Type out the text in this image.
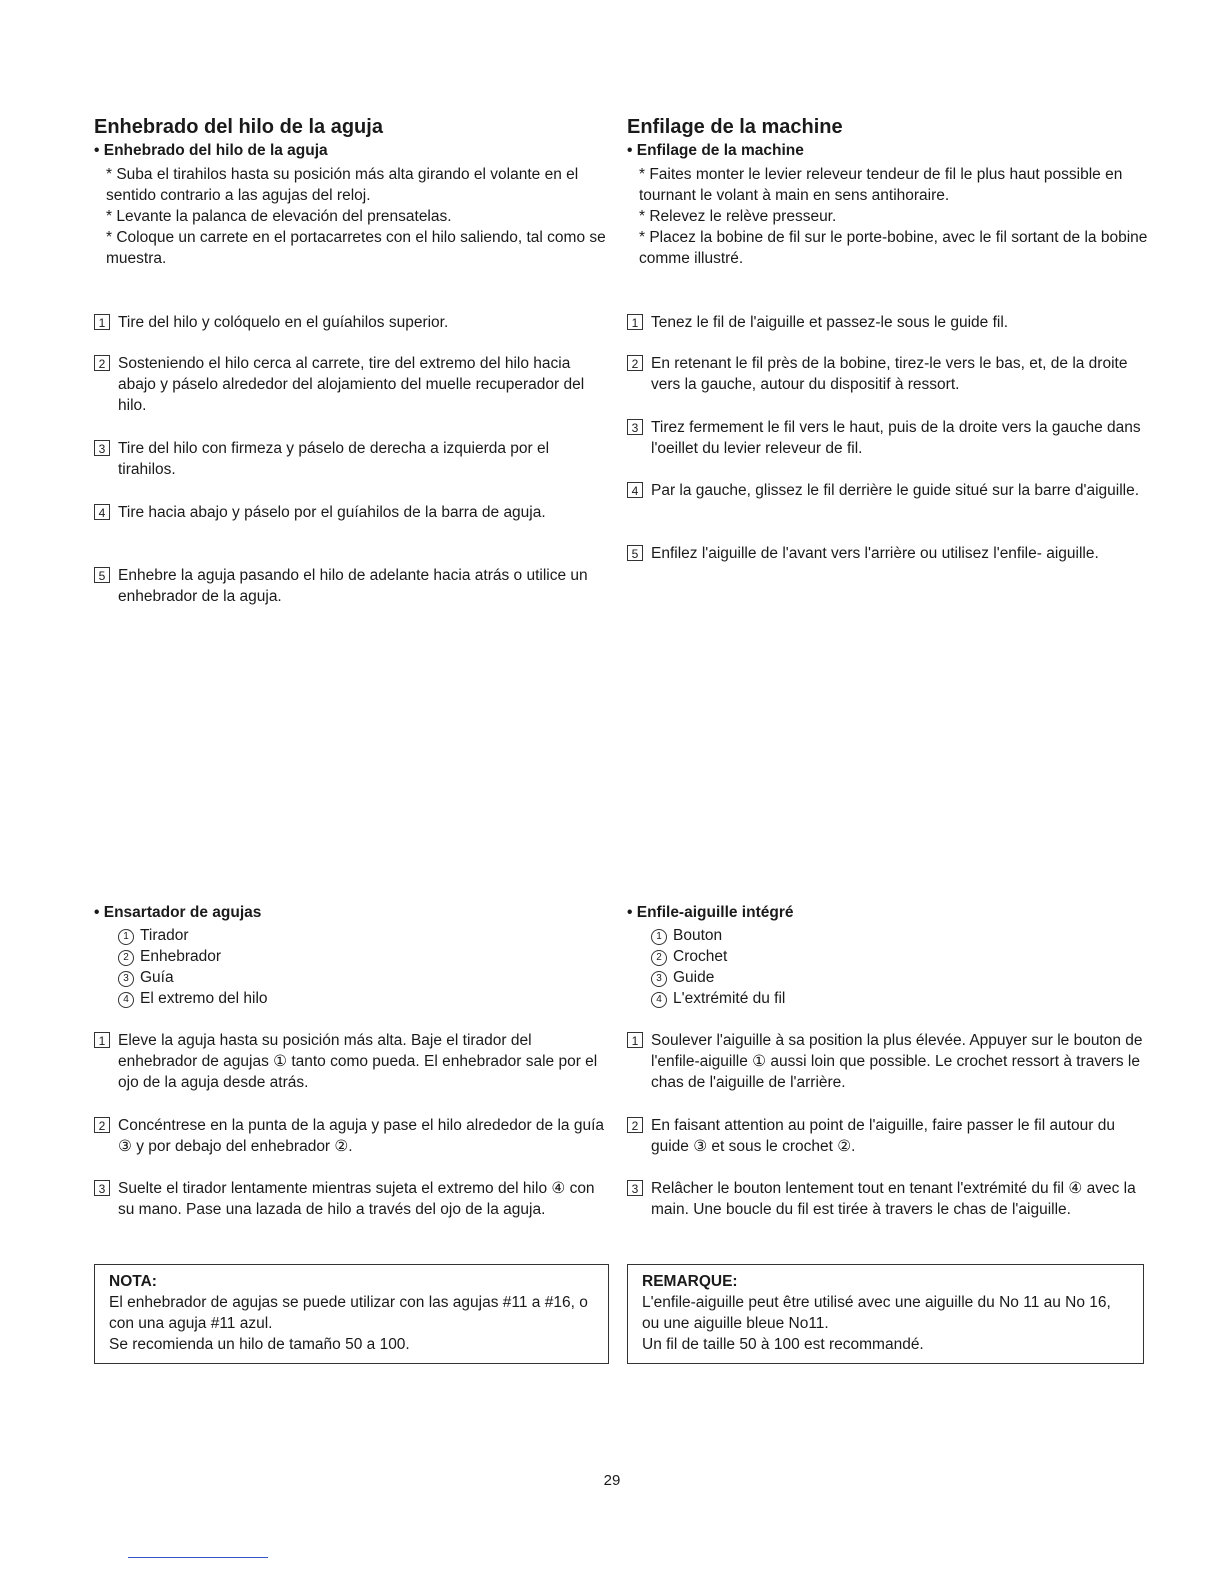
Enhebrado del hilo de la aguja
• Enhebrado del hilo de la aguja
* Suba el tirahilos hasta su posición más alta girando el volante en el sentido contrario a las agujas del reloj.
* Levante la palanca de elevación del prensatelas.
* Coloque un carrete en el portacarretes con el hilo saliendo, tal como se muestra.
1 Tire del hilo y colóquelo en el guíahilos superior.
2 Sosteniendo el hilo cerca al carrete, tire del extremo del hilo hacia abajo y páselo alrededor del alojamiento del muelle recuperador del hilo.
3 Tire del hilo con firmeza y páselo de derecha a izquierda por el tirahilos.
4 Tire hacia abajo y páselo por el guíahilos de la barra de aguja.
5 Enhebre la aguja pasando el hilo de adelante hacia atrás o utilice un enhebrador de la aguja.
• Ensartador de agujas
1 Tirador
2 Enhebrador
3 Guía
4 El extremo del hilo
1 Eleve la aguja hasta su posición más alta. Baje el tirador del enhebrador de agujas ① tanto como pueda. El enhebrador sale por el ojo de la aguja desde atrás.
2 Concéntrese en la punta de la aguja y pase el hilo alrededor de la guía ③ y por debajo del enhebrador ②.
3 Suelte el tirador lentamente mientras sujeta el extremo del hilo ④ con su mano. Pase una lazada de hilo a través del ojo de la aguja.
NOTA:
El enhebrador de agujas se puede utilizar con las agujas #11 a #16, o con una aguja #11 azul.
Se recomienda un hilo de tamaño 50 a 100.
Enfilage de la machine
• Enfilage de la machine
* Faites monter le levier releveur tendeur de fil le plus haut possible en tournant le volant à main en sens antihoraire.
* Relevez le relève presseur.
* Placez la bobine de fil sur le porte-bobine, avec le fil sortant de la bobine comme illustré.
1 Tenez le fil de l'aiguille et passez-le sous le guide fil.
2 En retenant le fil près de la bobine, tirez-le vers le bas, et, de la droite vers la gauche, autour du dispositif à ressort.
3 Tirez fermement le fil vers le haut, puis de la droite vers la gauche dans l'oeillet du levier releveur de fil.
4 Par la gauche, glissez le fil derrière le guide situé sur la barre d'aiguille.
5 Enfilez l'aiguille de l'avant vers l'arrière ou utilisez l'enfile- aiguille.
• Enfile-aiguille intégré
1 Bouton
2 Crochet
3 Guide
4 L'extrémité du fil
1 Soulever l'aiguille à sa position la plus élevée. Appuyer sur le bouton de l'enfile-aiguille ① aussi loin que possible. Le crochet ressort à travers le chas de l'aiguille de l'arrière.
2 En faisant attention au point de l'aiguille, faire passer le fil autour du guide ③ et sous le crochet ②.
3 Relâcher le bouton lentement tout en tenant l'extrémité du fil ④ avec la main. Une boucle du fil est tirée à travers le chas de l'aiguille.
REMARQUE:
L'enfile-aiguille peut être utilisé avec une aiguille du No 11 au No 16, ou une aiguille bleue No11.
Un fil de taille 50 à 100 est recommandé.
29
